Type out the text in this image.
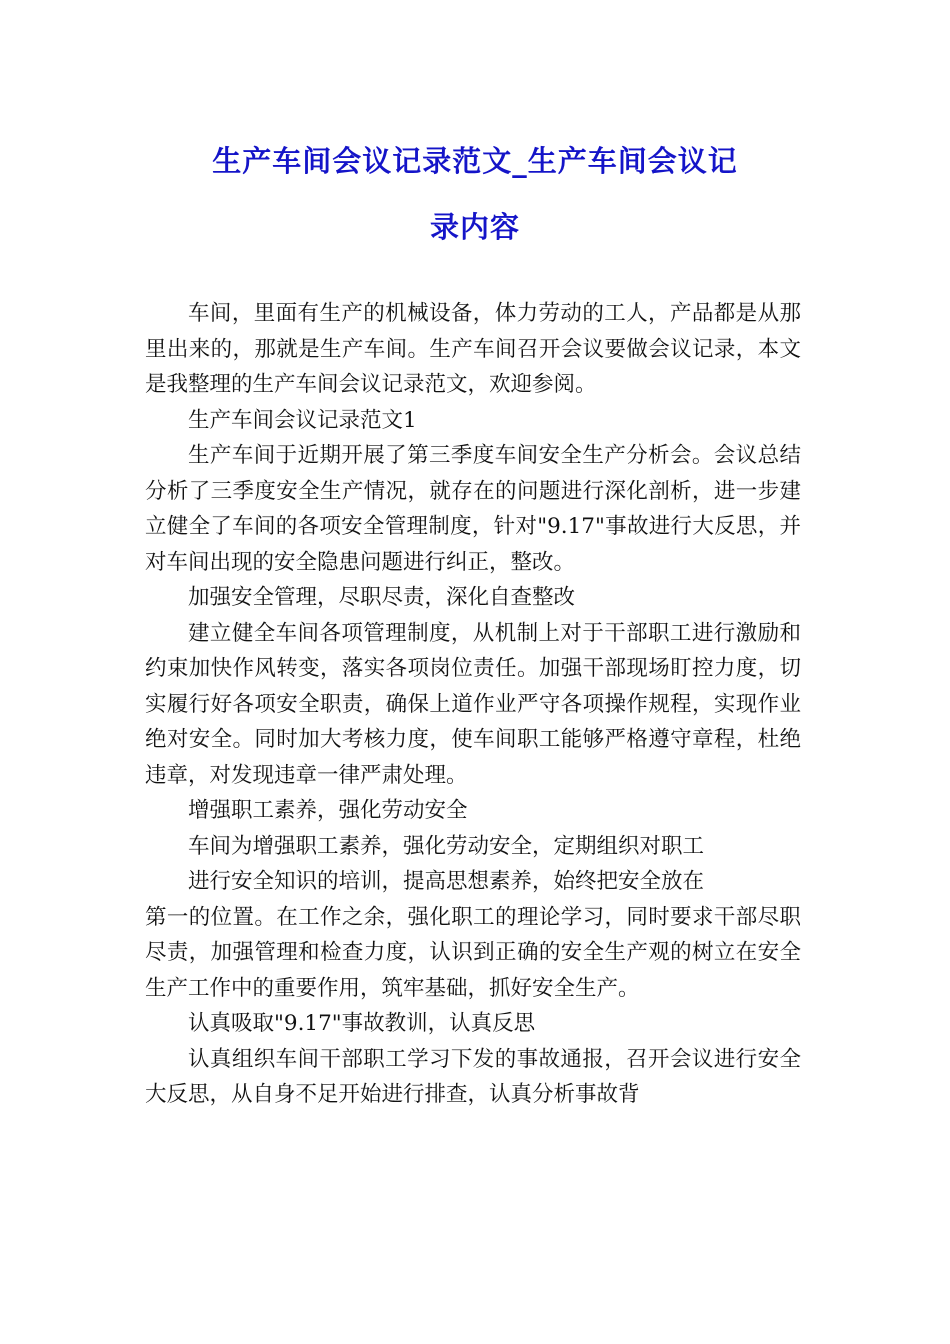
生产车间会议记录范文_生产车间会议记
录内容

车间，里面有生产的机械设备，体力劳动的工人，产品都是从那里出来的，那就是生产车间。生产车间召开会议要做会议记录，本文是我整理的生产车间会议记录范文，欢迎参阅。

生产车间会议记录范文1

生产车间于近期开展了第三季度车间安全生产分析会。会议总结分析了三季度安全生产情况，就存在的问题进行深化剖析，进一步建立健全了车间的各项安全管理制度，针对"9.17"事故进行大反思，并对车间出现的安全隐患问题进行纠正，整改。

加强安全管理，尽职尽责，深化自查整改

建立健全车间各项管理制度，从机制上对于干部职工进行激励和约束加快作风转变，落实各项岗位责任。加强干部现场盯控力度，切实履行好各项安全职责，确保上道作业严守各项操作规程，实现作业绝对安全。同时加大考核力度，使车间职工能够严格遵守章程，杜绝违章，对发现违章一律严肃处理。

增强职工素养，强化劳动安全

车间为增强职工素养，强化劳动安全，定期组织对职工

进行安全知识的培训，提高思想素养，始终把安全放在

第一的位置。在工作之余，强化职工的理论学习，同时要求干部尽职尽责，加强管理和检查力度，认识到正确的安全生产观的树立在安全生产工作中的重要作用，筑牢基础，抓好安全生产。

认真吸取"9.17"事故教训，认真反思

认真组织车间干部职工学习下发的事故通报，召开会议进行安全大反思，从自身不足开始进行排查，认真分析事故背
